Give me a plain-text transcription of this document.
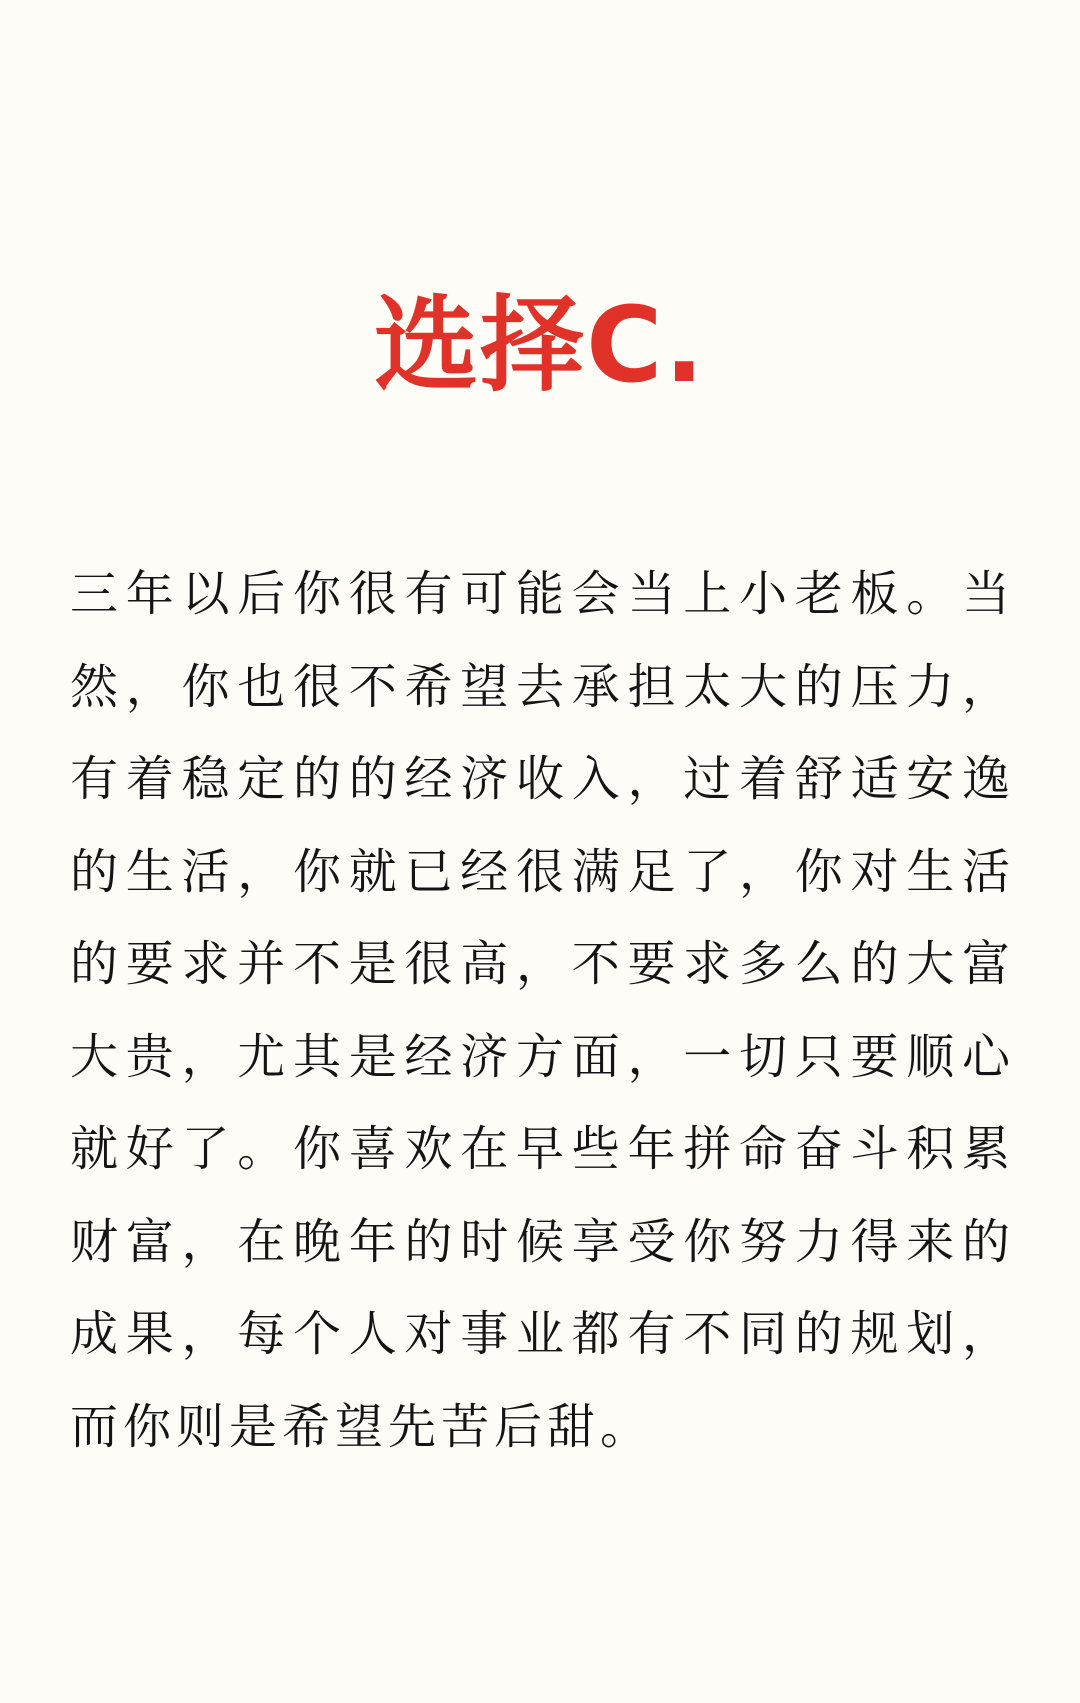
选择C.

三年以后你很有可能会当上小老板。当然，你也很不希望去承担太大的压力，有着稳定的的经济收入，过着舒适安逸的生活，你就已经很满足了，你对生活的要求并不是很高，不要求多么的大富大贵，尤其是经济方面，一切只要顺心就好了。你喜欢在早些年拼命奋斗积累财富，在晚年的时候享受你努力得来的成果，每个人对事业都有不同的规划，而你则是希望先苦后甜。
